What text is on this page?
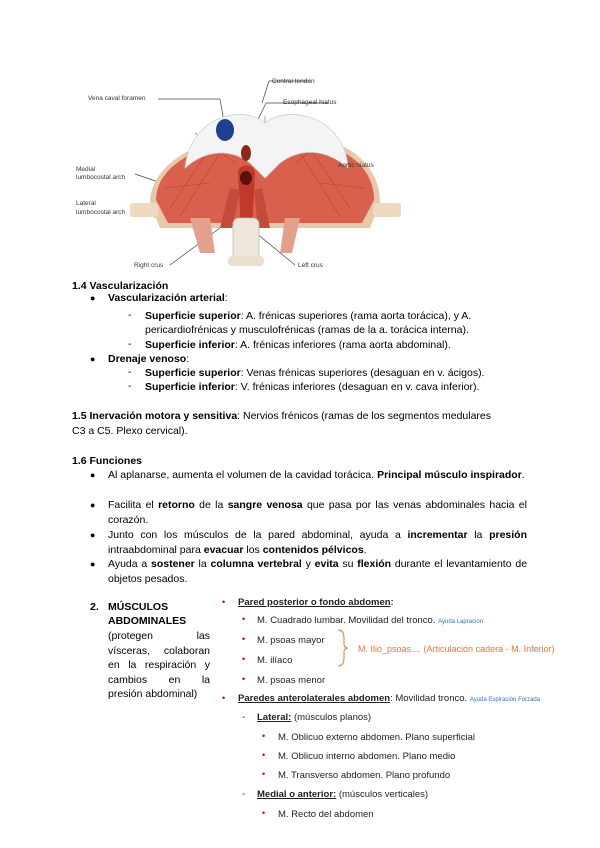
Vena caval foramen
Central tendon
Esophageal hiatus
Medial
lumbocostal arch
Aortic hiatus
Lateral
lumbocostal arch
Right crus	Left crus
1.4 Vascularización
● Vascularización arterial:
- Superficie superior: A. frénicas superiores (rama aorta torácica), y A.
pericardiofrénicas y musculofrénicas (ramas de la a. torácica interna).
- Superficie inferior: A. frénicas inferiores (rama aorta abdominal).
● Drenaje venoso:
- Superficie superior: Venas frénicas superiores (desaguan en v. ácigos).
- Superficie inferior: V. frénicas inferiores (desaguan en v. cava inferior).
1.5 Inervación motora y sensitiva: Nervios frénicos (ramas de los segmentos medulares
C3 a C5. Plexo cervical).
1.6 Funciones
● Al aplanarse, aumenta el volumen de la cavidad torácica. Principal músculo inspirador.
● Facilita el retorno de la sangre venosa que pasa por las venas abdominales hacia el corazón.
● Junto con los músculos de la pared abdominal, ayuda a incrementar la presión intraabdominal para evacuar los contenidos pélvicos.
● Ayuda a sostener la columna vertebral y evita su flexión durante el levantamiento de objetos pesados.
2. MÚSCULOS
ABDOMINALES
(protegen las
vísceras, colaboran
en la respiración y
cambios en la
presión abdominal)
• Pared posterior o fondo abdomen:
• M. Cuadrado lumbar. Movilidad del tronco. Ayuda Lapración
• M. psoas mayor
• M. ilíaco
• M. psoas menor
M. Ilio_psoas.... (Articulación cadera - M. Inferior)
• Paredes anterolaterales abdomen: Movilidad tronco. Ayuda Espiración Forzada
- Lateral: (músculos planos)
• M. Oblicuo externo abdomen. Plano superficial
• M. Oblicuo interno abdomen. Plano medio
• M. Transverso abdomen. Plano profundo
- Medial o anterior: (músculos verticales)
• M. Recto del abdomen
